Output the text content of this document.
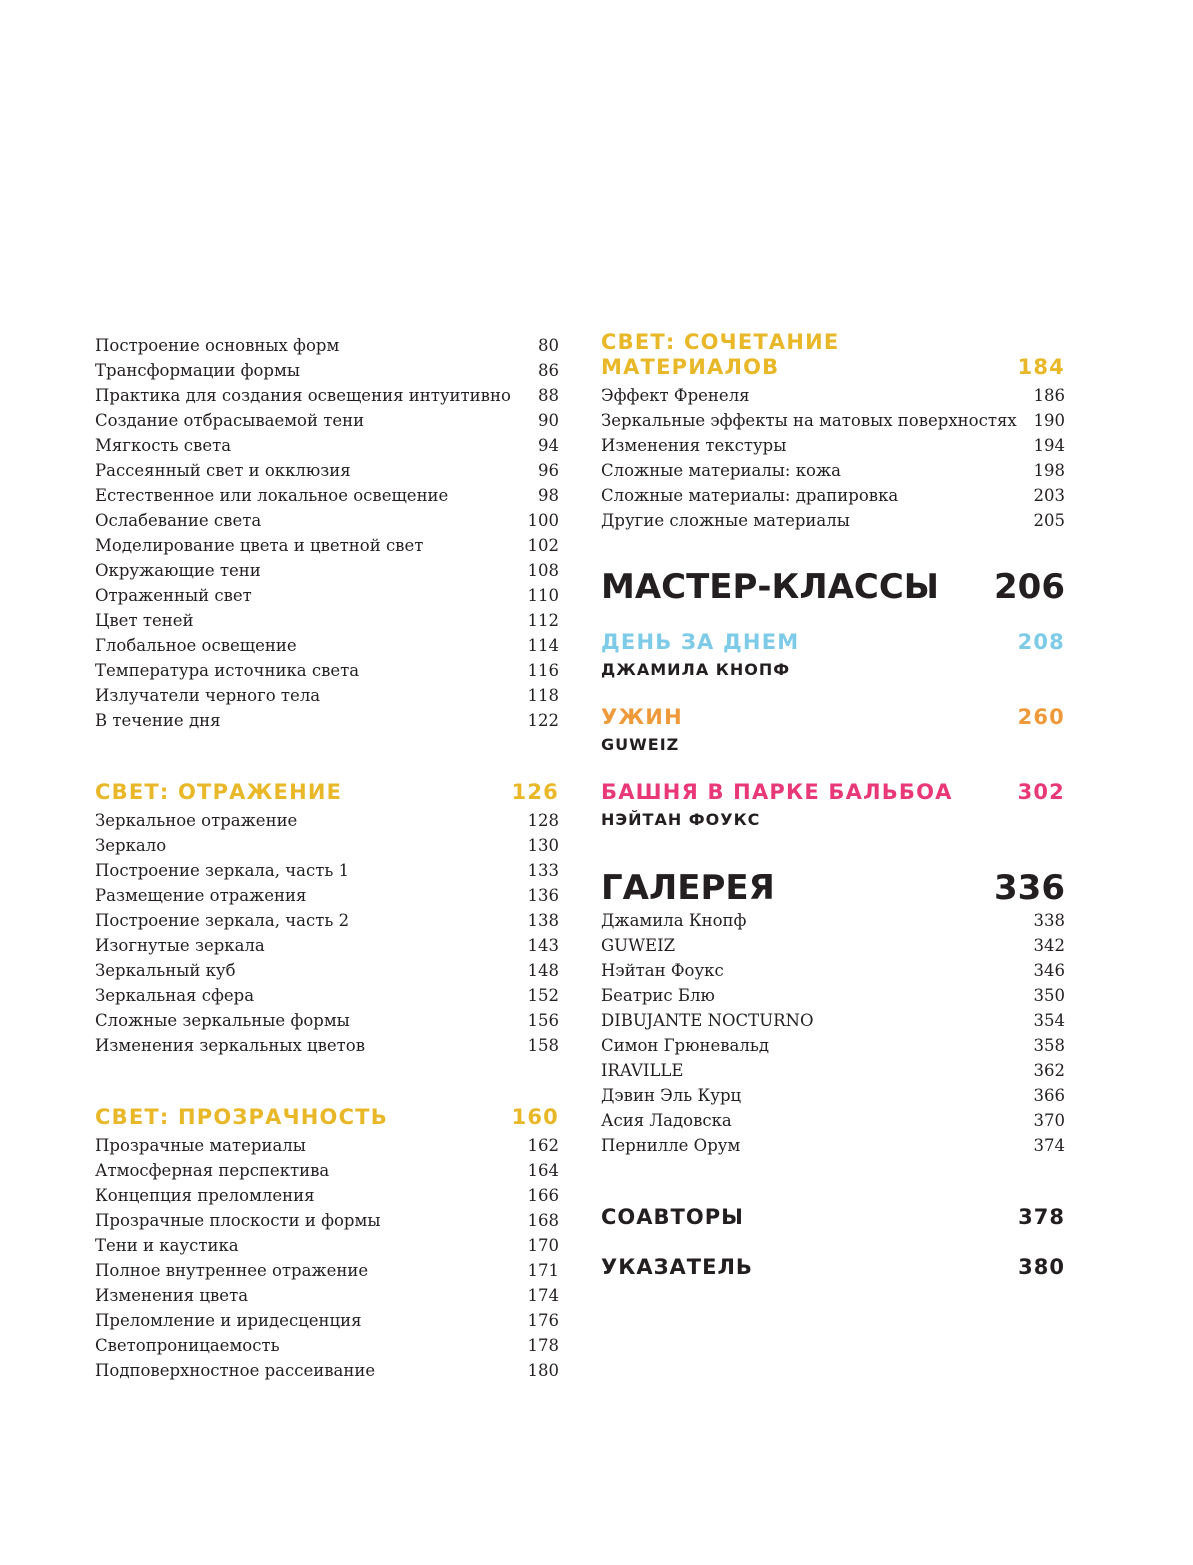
Построение основных форм	80
Трансформации формы	86
Практика для создания освещения интуитивно 88
Создание отбрасываемой тени	90
Мягкость света	94
Рассеянный свет и окклюзия	96
Естественное или локальное освещение	98
Ослабевание света	100
Моделирование цвета и цветной свет	102
Окружающие тени	108
Отраженный свет	110
Цвет теней	112
Глобальное освещение	114
Температура источника света	116
Излучатели черного тела	118
В течение дня	122
СВЕТ: ОТРАЖЕНИЕ	126
Зеркальное отражение	128
Зеркало	130
Построение зеркала, часть 1	133
Размещение отражения	136
Построение зеркала, часть 2	138
Изогнутые зеркала	143
Зеркальный куб	148
Зеркальная сфера	152
Сложные зеркальные формы	156
Изменения зеркальных цветов	158
СВЕТ: ПРОЗРАЧНОСТЬ	160
Прозрачные материалы	162
Атмосферная перспектива	164
Концепция преломления	166
Прозрачные плоскости и формы	168
Тени и каустика	170
Полное внутреннее отражение	171
Изменения цвета	174
Преломление и иридесценция	176
Светопроницаемость	178
Подповерхностное рассеивание	180
СВЕТ: СОЧЕТАНИЕ
МАТЕРИАЛОВ	184
Эффект Френеля	186
Зеркальные эффекты на матовых поверхностях 190
Изменения текстуры	194
Сложные материалы: кожа	198
Сложные материалы: драпировка	203
Другие сложные материалы	205
МАСТЕР-КЛАССЫ 206
ДЕНЬ ЗА ДНЕМ	208
ДЖАМИЛА КНОПФ
УЖИН	260
GUWEIZ
БАШНЯ В ПАРКЕ БАЛЬБОА	302
НЭЙТАН ФОУКС
ГАЛЕРЕЯ	336
Джамила Кнопф	338
GUWEIZ	342
Нэйтан Фоукс	346
Беатрис Блю	350
DIBUJANTE NOCTURNO	354
Симон Грюневальд	358
IRAVILLE	362
Дэвин Эль Курц	366
Асия Ладовска	370
Пернилле Орум	374
СОАВТОРЫ	378
УКАЗАТЕЛЬ	380
